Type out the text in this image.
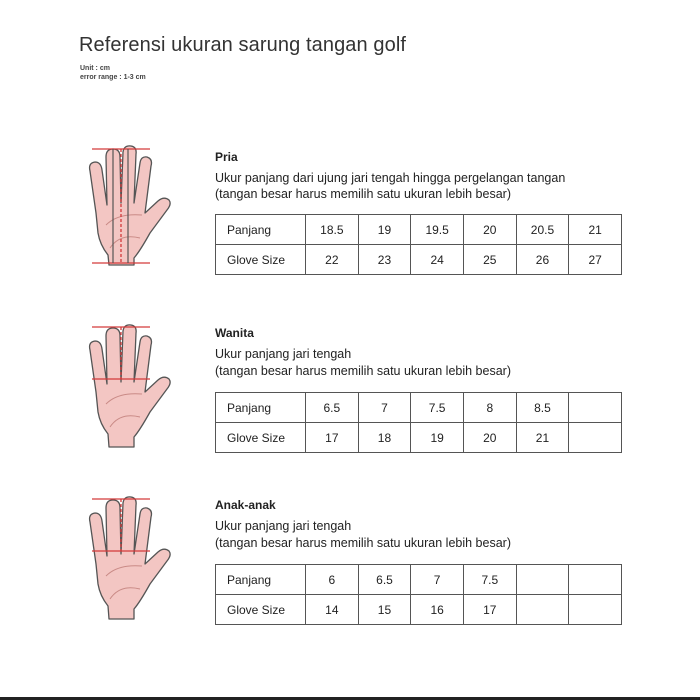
Referensi ukuran sarung tangan golf
Unit : cm
error range : 1-3 cm
Pria
Ukur panjang dari ujung jari tengah hingga pergelangan tangan
(tangan besar harus memilih satu ukuran lebih besar)
Panjang	18.5	19	19.5	20	20.5	21
Glove Size	22	23	24	25	26	27
Wanita
Ukur panjang jari tengah
(tangan besar harus memilih satu ukuran lebih besar)
Panjang	6.5	7	7.5	8	8.5	
Glove Size	17	18	19	20	21	
Anak-anak
Ukur panjang jari tengah
(tangan besar harus memilih satu ukuran lebih besar)
Panjang	6	6.5	7	7.5		
Glove Size	14	15	16	17		
